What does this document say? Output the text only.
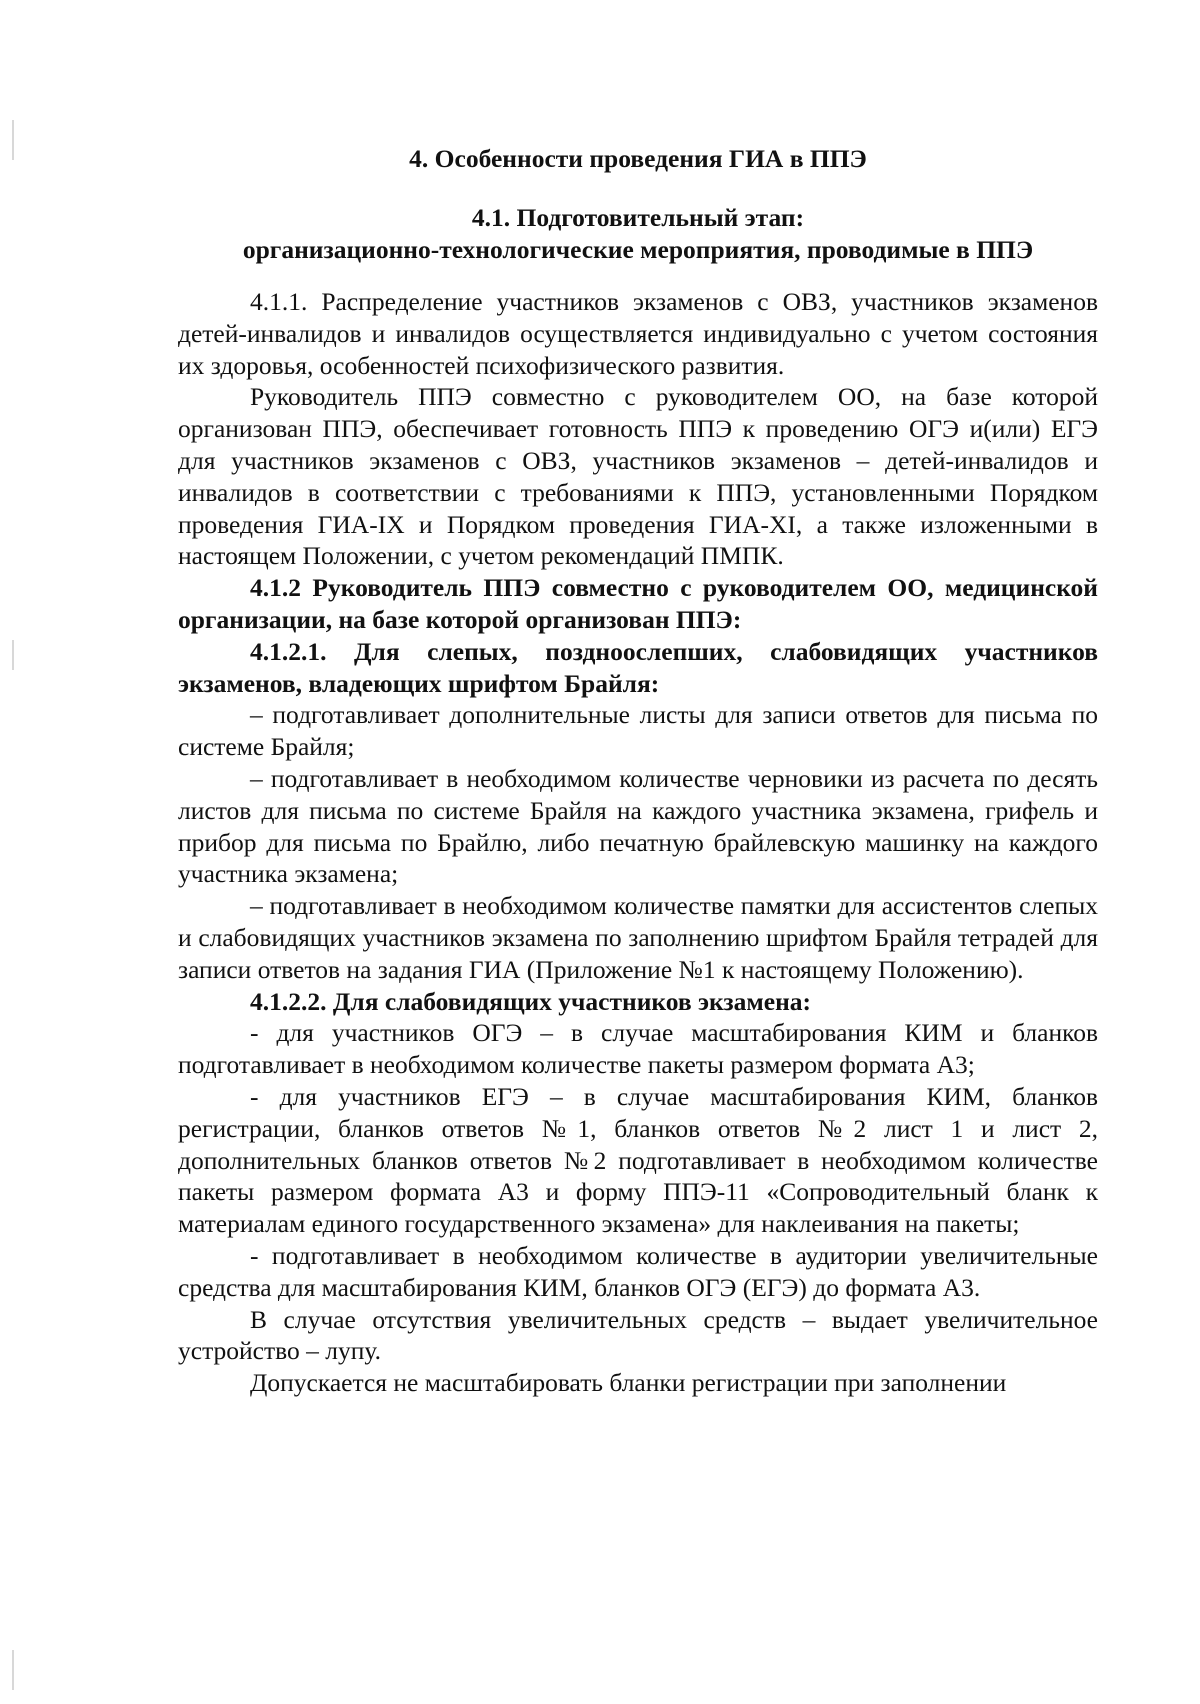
4. Особенности проведения ГИА в ППЭ

4.1. Подготовительный этап:

организационно-технологические мероприятия, проводимые в ППЭ

4.1.1. Распределение участников экзаменов с ОВЗ, участников экзаменов детей-инвалидов и инвалидов осуществляется индивидуально с учетом состояния их здоровья, особенностей психофизического развития.

Руководитель ППЭ совместно с руководителем ОО, на базе которой организован ППЭ, обеспечивает готовность ППЭ к проведению ОГЭ и(или) ЕГЭ для участников экзаменов с ОВЗ, участников экзаменов – детей-инвалидов и инвалидов в соответствии с требованиями к ППЭ, установленными Порядком проведения ГИА-IX и Порядком проведения ГИА-XI, а также изложенными в настоящем Положении, с учетом рекомендаций ПМПК.

4.1.2 Руководитель ППЭ совместно с руководителем ОО, медицинской организации, на базе которой организован ППЭ:

4.1.2.1. Для слепых, поздноослепших, слабовидящих участников экзаменов, владеющих шрифтом Брайля:

– подготавливает дополнительные листы для записи ответов для письма по системе Брайля;

– подготавливает в необходимом количестве черновики из расчета по десять листов для письма по системе Брайля на каждого участника экзамена, грифель и прибор для письма по Брайлю, либо печатную брайлевскую машинку на каждого участника экзамена;

– подготавливает в необходимом количестве памятки для ассистентов слепых и слабовидящих участников экзамена по заполнению шрифтом Брайля тетрадей для записи ответов на задания ГИА (Приложение №1 к настоящему Положению).

4.1.2.2. Для слабовидящих участников экзамена:

- для участников ОГЭ – в случае масштабирования КИМ и бланков подготавливает в необходимом количестве пакеты размером формата А3;

- для участников ЕГЭ – в случае масштабирования КИМ, бланков регистрации, бланков ответов №1, бланков ответов №2 лист 1 и лист 2, дополнительных бланков ответов №2 подготавливает в необходимом количестве пакеты размером формата А3 и форму ППЭ-11 «Сопроводительный бланк к материалам единого государственного экзамена» для наклеивания на пакеты;

- подготавливает в необходимом количестве в аудитории увеличительные средства для масштабирования КИМ, бланков ОГЭ (ЕГЭ) до формата А3.

В случае отсутствия увеличительных средств – выдает увеличительное устройство – лупу.

Допускается не масштабировать бланки регистрации при заполнении
